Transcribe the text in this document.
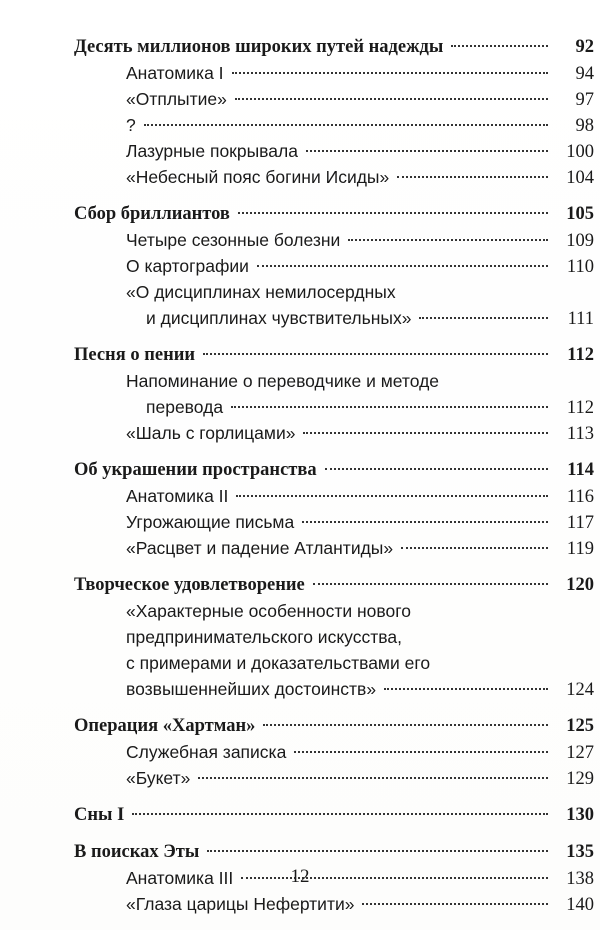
Десять миллионов широких путей надежды	92
Анатомика I	94
«Отплытие»	97
?	98
Лазурные покрывала	100
«Небесный пояс богини Исиды»	104
Сбор бриллиантов	105
Четыре сезонные болезни	109
О картографии	110
«О дисциплинах немилосердных
и дисциплинах чувствительных»	111
Песня о пении	112
Напоминание о переводчике и методе
перевода	112
«Шаль с горлицами»	113
Об украшении пространства	114
Анатомика II	116
Угрожающие письма	117
«Расцвет и падение Атлантиды»	119
Творческое удовлетворение	120
«Характерные особенности нового
предпринимательского искусства,
с примерами и доказательствами его
возвышеннейших достоинств»	124
Операция «Хартман»	125
Служебная записка	127
«Букет»	129
Сны I	130
В поисках Эты	135
Анатомика III	138
«Глаза царицы Нефертити»	140
12
